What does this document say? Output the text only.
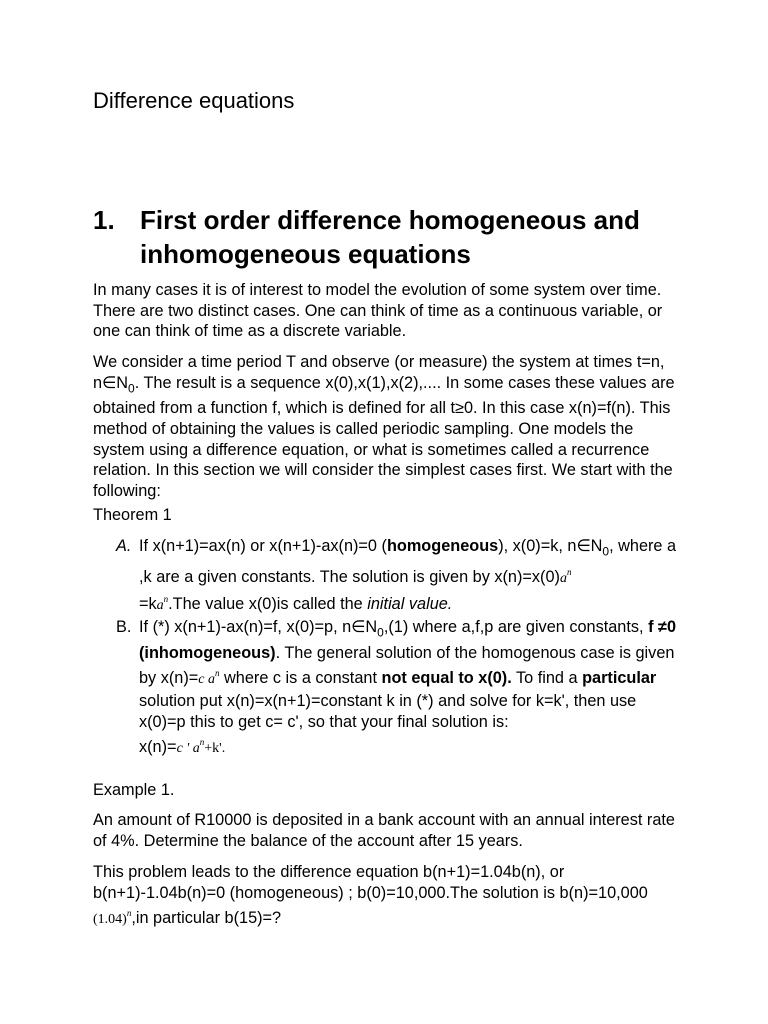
Difference equations
1. First order difference homogeneous and inhomogeneous equations

In many cases it is of interest to model the evolution of some system over time. There are two distinct cases. One can think of time as a continuous variable, or one can think of time as a discrete variable.

We consider a time period T and observe (or measure) the system at times t=n, $n\in N_0$. The result is a sequence x(0),x(1),x(2),.... In some cases these values are obtained from a function f, which is defined for all t≥0. In this case x(n)=f(n). This method of obtaining the values is called periodic sampling. One models the system using a difference equation, or what is sometimes called a recurrence relation. In this section we will consider the simplest cases first. We start with the following:

Theorem 1

A. If x(n+1)=ax(n) or x(n+1)-ax(n)=0 (homogeneous), x(0)=k, $n\in N_0$, where a ,k are a given constants. The solution is given by $x(n)=x(0)a^n$
$=ka^n.The$ value x(0)is called the initial value.
B. If (*) x(n+1)-ax(n)=f, x(0)=p, $n\in N_0,(1)$ where a,f,p are given constants, f ≠0 (inhomogeneous). The general solution of the homogenous case is given by x(n)=c $a^n$ where c is a constant not equal to x(0). To find a particular solution put x(n)=x(n+1)=constant k in (*) and solve for k=k', then use x(0)=p this to get c= c', so that your final solution is:
x(n)=c ' $a^n+k'$.

Example 1.

An amount of R10000 is deposited in a bank account with an annual interest rate of 4%. Determine the balance of the account after 15 years.

This problem leads to the difference equation b(n+1)=1.04b(n), or b(n+1)-1.04b(n)=0 (homogeneous) ; b(0)=10,000.The solution is b(n)=10,000
$(1.04)^n,in$ particular b(15)=?
